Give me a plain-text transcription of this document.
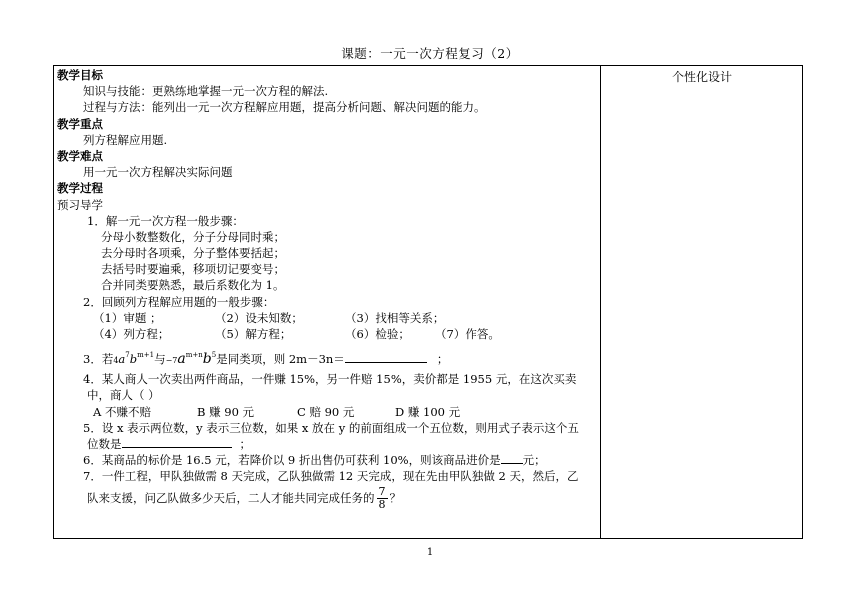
课题：一元一次方程复习（2）
个性化设计
教学目标
知识与技能：更熟练地掌握一元一次方程的解法.
过程与方法：能列出一元一次方程解应用题，提高分析问题、解决问题的能力。
教学重点
列方程解应用题.
教学难点
用一元一次方程解决实际问题
教学过程
预习导学
1．解一元一次方程一般步骤：
分母小数整数化，分子分母同时乘；
去分母时各项乘，分子整体要括起；
去括号时要遍乘，移项切记要变号；
合并同类要熟悉，最后系数化为 1。
2．回顾列方程解应用题的一般步骤：
（1）审题 ；	（2）设未知数；	（3）找相等关系；
（4）列方程；	（5）解方程；	（6）检验； （7）作答。
3．若$4a^7b^{m+1}$与$-7a^{m+n}b^5$是同类项，则 2m－3n＝	；
4．某人商人一次卖出两件商品，一件赚 15%，另一件赔 15%，卖价都是 1955 元，在这次买卖
中，商人（ ）
A 不赚不赔	B 赚 90 元	C 赔 90 元	D 赚 100 元
5．设 x 表示两位数，y 表示三位数，如果 x 放在 y 的前面组成一个五位数，则用式子表示这个五
位数是	；
6．某商品的标价是 16.5 元，若降价以 9 折出售仍可获利 10%，则该商品进价是 元；
7．一件工程，甲队独做需 8 天完成，乙队独做需 12 天完成，现在先由甲队独做 2 天，然后，乙
队来支援，问乙队做多少天后，二人才能共同完成任务的 $\frac{7}{8}$ ？
1
